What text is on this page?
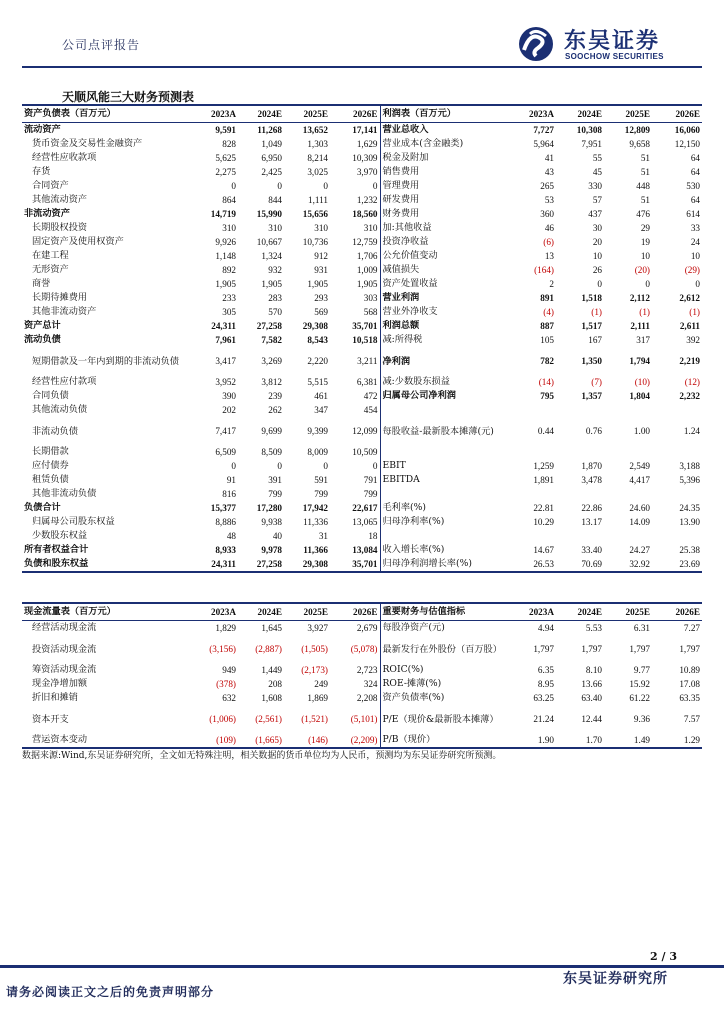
公司点评报告	东吴证券
SOOCHOW SECURITIES
天顺风能三大财务预测表
资产负债表（百万元）	2023A	2024E	2025E	2026E	利润表（百万元）	2023A	2024E	2025E	2026E
流动资产	9,591	11,268	13,652	17,141	营业总收入	7,727	10,308	12,809	16,060
货币资金及交易性金融资产	828	1,049	1,303	1,629	营业成本(含金融类)	5,964	7,951	9,658	12,150
经营性应收款项	5,625	6,950	8,214	10,309	税金及附加	41	55	51	64
存货	2,275	2,425	3,025	3,970	销售费用	43	45	51	64
合同资产	0	0	0	0	管理费用	265	330	448	530
其他流动资产	864	844	1,111	1,232	研发费用	53	57	51	64
非流动资产	14,719	15,990	15,656	18,560	财务费用	360	437	476	614
长期股权投资	310	310	310	310	加:其他收益	46	30	29	33
固定资产及使用权资产	9,926	10,667	10,736	12,759	投资净收益	(6)	20	19	24
在建工程	1,148	1,324	912	1,706	公允价值变动	13	10	10	10
无形资产	892	932	931	1,009	减值损失	(164)	26	(20)	(29)
商誉	1,905	1,905	1,905	1,905	资产处置收益	2	0	0	0
长期待摊费用	233	283	293	303	营业利润	891	1,518	2,112	2,612
其他非流动资产	305	570	569	568	营业外净收支	(4)	(1)	(1)	(1)
资产总计	24,311	27,258	29,308	35,701	利润总额	887	1,517	2,111	2,611
流动负债	7,961	7,582	8,543	10,518	减:所得税	105	167	317	392
短期借款及一年内到期的非流动负债	3,417	3,269	2,220	3,211	净利润	782	1,350	1,794	2,219
经营性应付款项	3,952	3,812	5,515	6,381	减:少数股东损益	(14)	(7)	(10)	(12)
合同负债	390	239	461	472	归属母公司净利润	795	1,357	1,804	2,232
其他流动负债	202	262	347	454					
非流动负债	7,417	9,699	9,399	12,099	每股收益-最新股本摊薄(元)	0.44	0.76	1.00	1.24
长期借款	6,509	8,509	8,009	10,509					
应付债券	0	0	0	0	EBIT	1,259	1,870	2,549	3,188
租赁负债	91	391	591	791	EBITDA	1,891	3,478	4,417	5,396
其他非流动负债	816	799	799	799					
负债合计	15,377	17,280	17,942	22,617	毛利率(%)	22.81	22.86	24.60	24.35
归属母公司股东权益	8,886	9,938	11,336	13,065	归母净利率(%)	10.29	13.17	14.09	13.90
少数股东权益	48	40	31	18					
所有者权益合计	8,933	9,978	11,366	13,084	收入增长率(%)	14.67	33.40	24.27	25.38
负债和股东权益	24,311	27,258	29,308	35,701	归母净利润增长率(%)	26.53	70.69	32.92	23.69
现金流量表（百万元）	2023A	2024E	2025E	2026E	重要财务与估值指标	2023A	2024E	2025E	2026E
经营活动现金流	1,829	1,645	3,927	2,679	每股净资产(元)	4.94	5.53	6.31	7.27
投资活动现金流	(3,156)	(2,887)	(1,505)	(5,078)	最新发行在外股份（百万股）	1,797	1,797	1,797	1,797
筹资活动现金流	949	1,449	(2,173)	2,723	ROIC(%)	6.35	8.10	9.77	10.89
现金净增加额	(378)	208	249	324	ROE-摊薄(%)	8.95	13.66	15.92	17.08
折旧和摊销	632	1,608	1,869	2,208	资产负债率(%)	63.25	63.40	61.22	63.35
资本开支	(1,006)	(2,561)	(1,521)	(5,101)	P/E（现价&最新股本摊薄）	21.24	12.44	9.36	7.57
营运资本变动	(109)	(1,665)	(146)	(2,209)	P/B（现价）	1.90	1.70	1.49	1.29
数据来源:Wind,东吴证券研究所，全文如无特殊注明，相关数据的货币单位均为人民币，预测均为东吴证券研究所预测。
2 / 3
请务必阅读正文之后的免责声明部分
东吴证券研究所
